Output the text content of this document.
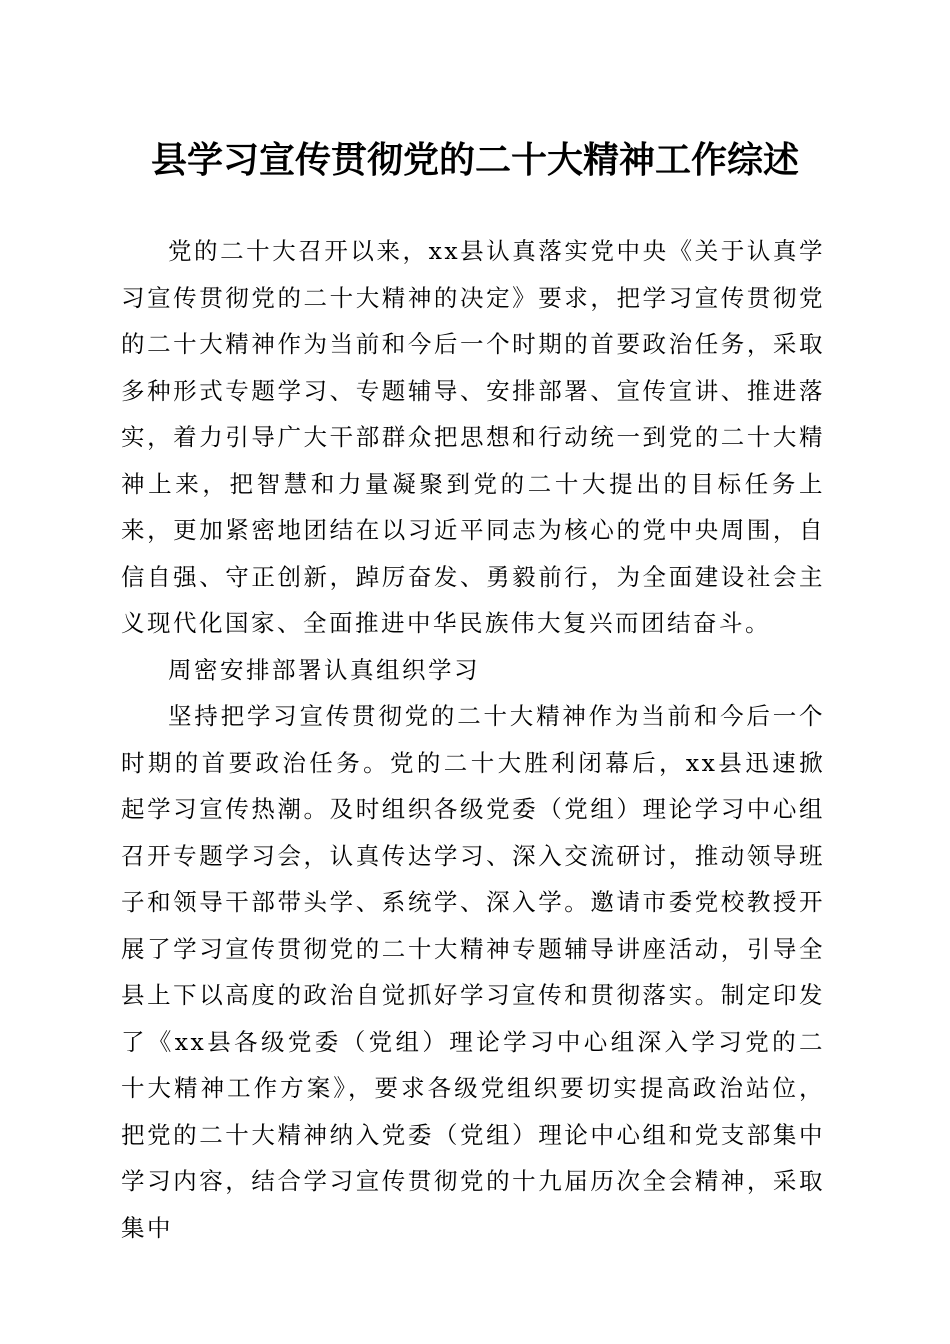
县学习宣传贯彻党的二十大精神工作综述

党的二十大召开以来，xx县认真落实党中央《关于认真学习宣传贯彻党的二十大精神的决定》要求，把学习宣传贯彻党的二十大精神作为当前和今后一个时期的首要政治任务，采取多种形式专题学习、专题辅导、安排部署、宣传宣讲、推进落实，着力引导广大干部群众把思想和行动统一到党的二十大精神上来，把智慧和力量凝聚到党的二十大提出的目标任务上来，更加紧密地团结在以习近平同志为核心的党中央周围，自信自强、守正创新，踔厉奋发、勇毅前行，为全面建设社会主义现代化国家、全面推进中华民族伟大复兴而团结奋斗。

周密安排部署认真组织学习

坚持把学习宣传贯彻党的二十大精神作为当前和今后一个时期的首要政治任务。党的二十大胜利闭幕后，xx县迅速掀起学习宣传热潮。及时组织各级党委（党组）理论学习中心组召开专题学习会，认真传达学习、深入交流研讨，推动领导班子和领导干部带头学、系统学、深入学。邀请市委党校教授开展了学习宣传贯彻党的二十大精神专题辅导讲座活动，引导全县上下以高度的政治自觉抓好学习宣传和贯彻落实。制定印发了《xx县各级党委（党组）理论学习中心组深入学习党的二十大精神工作方案》，要求各级党组织要切实提高政治站位，把党的二十大精神纳入党委（党组）理论中心组和党支部集中学习内容，结合学习宣传贯彻党的十九届历次全会精神，采取集中
